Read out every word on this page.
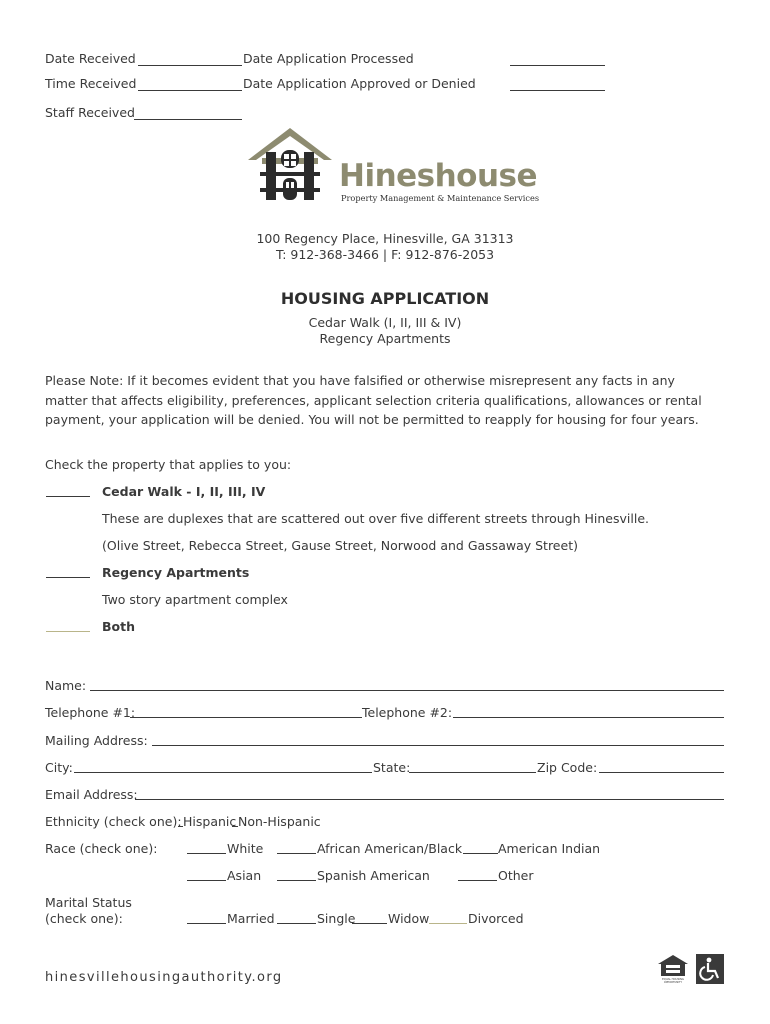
Date Received	Date Application Processed
Time Received	Date Application Approved or Denied
Staff Received
Hineshouse
Property Management & Maintenance Services
100 Regency Place, Hinesville, GA 31313
T: 912-368-3466 | F: 912-876-2053
HOUSING APPLICATION
Cedar Walk (I, II, III & IV)
Regency Apartments
Please Note: If it becomes evident that you have falsified or otherwise misrepresent any facts in any matter that affects eligibility, preferences, applicant selection criteria qualifications, allowances or rental payment, your application will be denied. You will not be permitted to reapply for housing for four years.
Check the property that applies to you:
Cedar Walk - I, II, III, IV
These are duplexes that are scattered out over five different streets through Hinesville.
(Olive Street, Rebecca Street, Gause Street, Norwood and Gassaway Street)
Regency Apartments
Two story apartment complex
Both
Name:
Telephone #1:	Telephone #2:
Mailing Address:
City:	State:	Zip Code:
Email Address:
Ethnicity (check one): Hispanic Non-Hispanic
Race (check one):	White	African American/Black	American Indian
Asian	Spanish American	Other
Marital Status
(check one):	Married	Single	Widow	Divorced
hinesvillehousingauthority.org	EQUAL HOUSING OPPORTUNITY
